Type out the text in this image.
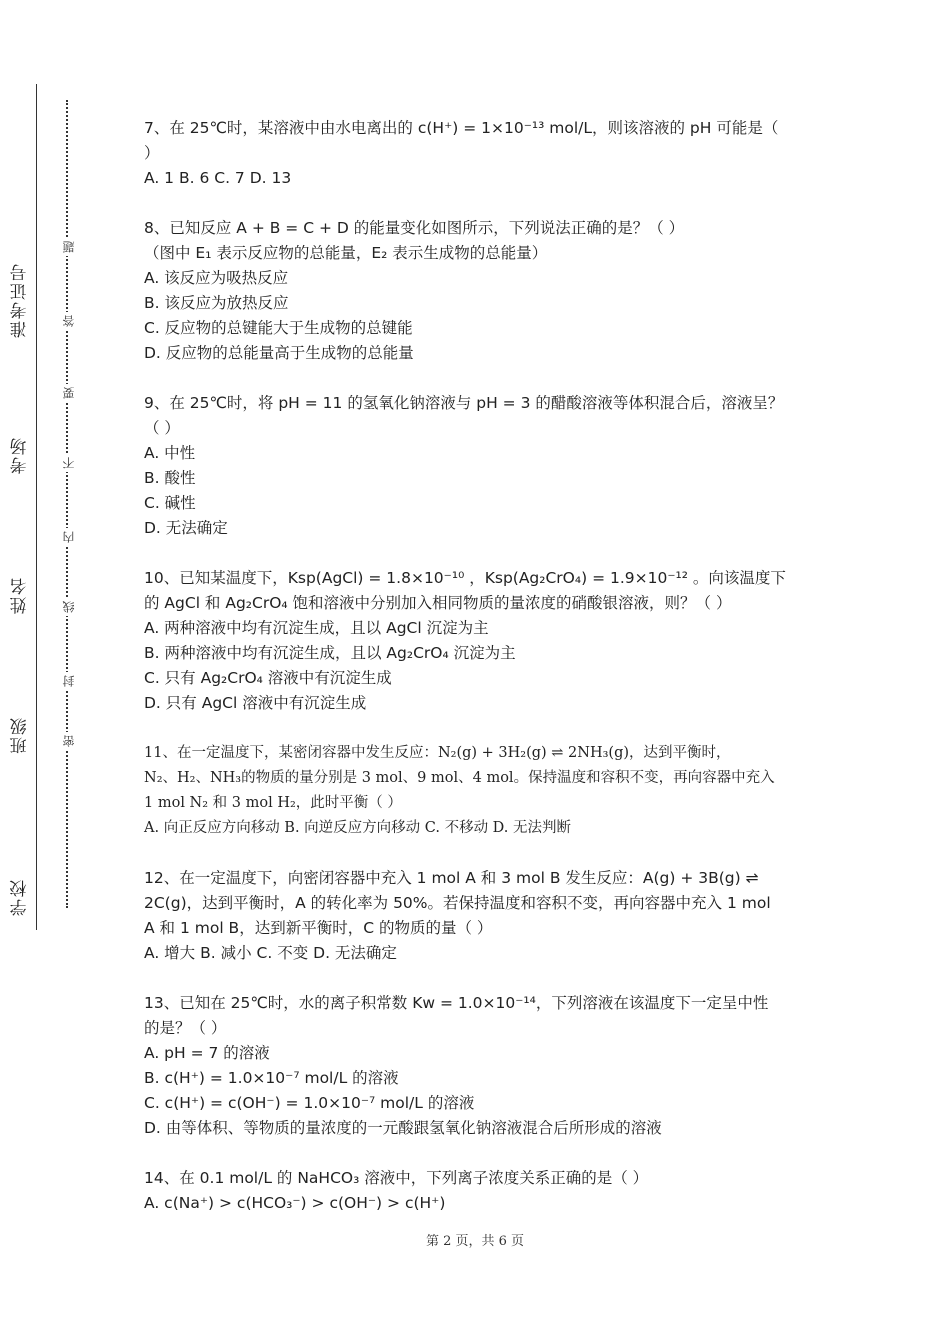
学校
班级
姓名
考场
准考证号
密
封
线
内
不
要
答
题

7、在 25℃时，某溶液中由水电离出的 c(H⁺) = 1×10⁻¹³ mol/L，则该溶液的 pH 可能是（

）

A. 1 B. 6 C. 7 D. 13

8、已知反应 A + B = C + D 的能量变化如图所示，下列说法正确的是？（ ）

（图中 E₁ 表示反应物的总能量，E₂ 表示生成物的总能量）

A. 该反应为吸热反应

B. 该反应为放热反应

C. 反应物的总键能大于生成物的总键能

D. 反应物的总能量高于生成物的总能量

9、在 25℃时，将 pH = 11 的氢氧化钠溶液与 pH = 3 的醋酸溶液等体积混合后，溶液呈？

（ ）

A. 中性

B. 酸性

C. 碱性

D. 无法确定

10、已知某温度下，Ksp(AgCl) = 1.8×10⁻¹⁰ ，Ksp(Ag₂CrO₄) = 1.9×10⁻¹² 。向该温度下

的 AgCl 和 Ag₂CrO₄ 饱和溶液中分别加入相同物质的量浓度的硝酸银溶液，则？（ ）

A. 两种溶液中均有沉淀生成，且以 AgCl 沉淀为主

B. 两种溶液中均有沉淀生成，且以 Ag₂CrO₄ 沉淀为主

C. 只有 Ag₂CrO₄ 溶液中有沉淀生成

D. 只有 AgCl 溶液中有沉淀生成

11、在一定温度下，某密闭容器中发生反应：N₂(g) + 3H₂(g) ⇌ 2NH₃(g)，达到平衡时，

N₂、H₂、NH₃的物质的量分别是 3 mol、9 mol、4 mol。保持温度和容积不变，再向容器中充入

1 mol N₂ 和 3 mol H₂，此时平衡（ ）

A. 向正反应方向移动 B. 向逆反应方向移动 C. 不移动 D. 无法判断

12、在一定温度下，向密闭容器中充入 1 mol A 和 3 mol B 发生反应：A(g) + 3B(g) ⇌

2C(g)，达到平衡时，A 的转化率为 50%。若保持温度和容积不变，再向容器中充入 1 mol

A 和 1 mol B，达到新平衡时，C 的物质的量（ ）

A. 增大 B. 减小 C. 不变 D. 无法确定

13、已知在 25℃时，水的离子积常数 Kw = 1.0×10⁻¹⁴，下列溶液在该温度下一定呈中性

的是？（ ）

A. pH = 7 的溶液

B. c(H⁺) = 1.0×10⁻⁷ mol/L 的溶液

C. c(H⁺) = c(OH⁻) = 1.0×10⁻⁷ mol/L 的溶液

D. 由等体积、等物质的量浓度的一元酸跟氢氧化钠溶液混合后所形成的溶液

14、在 0.1 mol/L 的 NaHCO₃ 溶液中，下列离子浓度关系正确的是（ ）

A. c(Na⁺) > c(HCO₃⁻) > c(OH⁻) > c(H⁺)

第 2 页，共 6 页
